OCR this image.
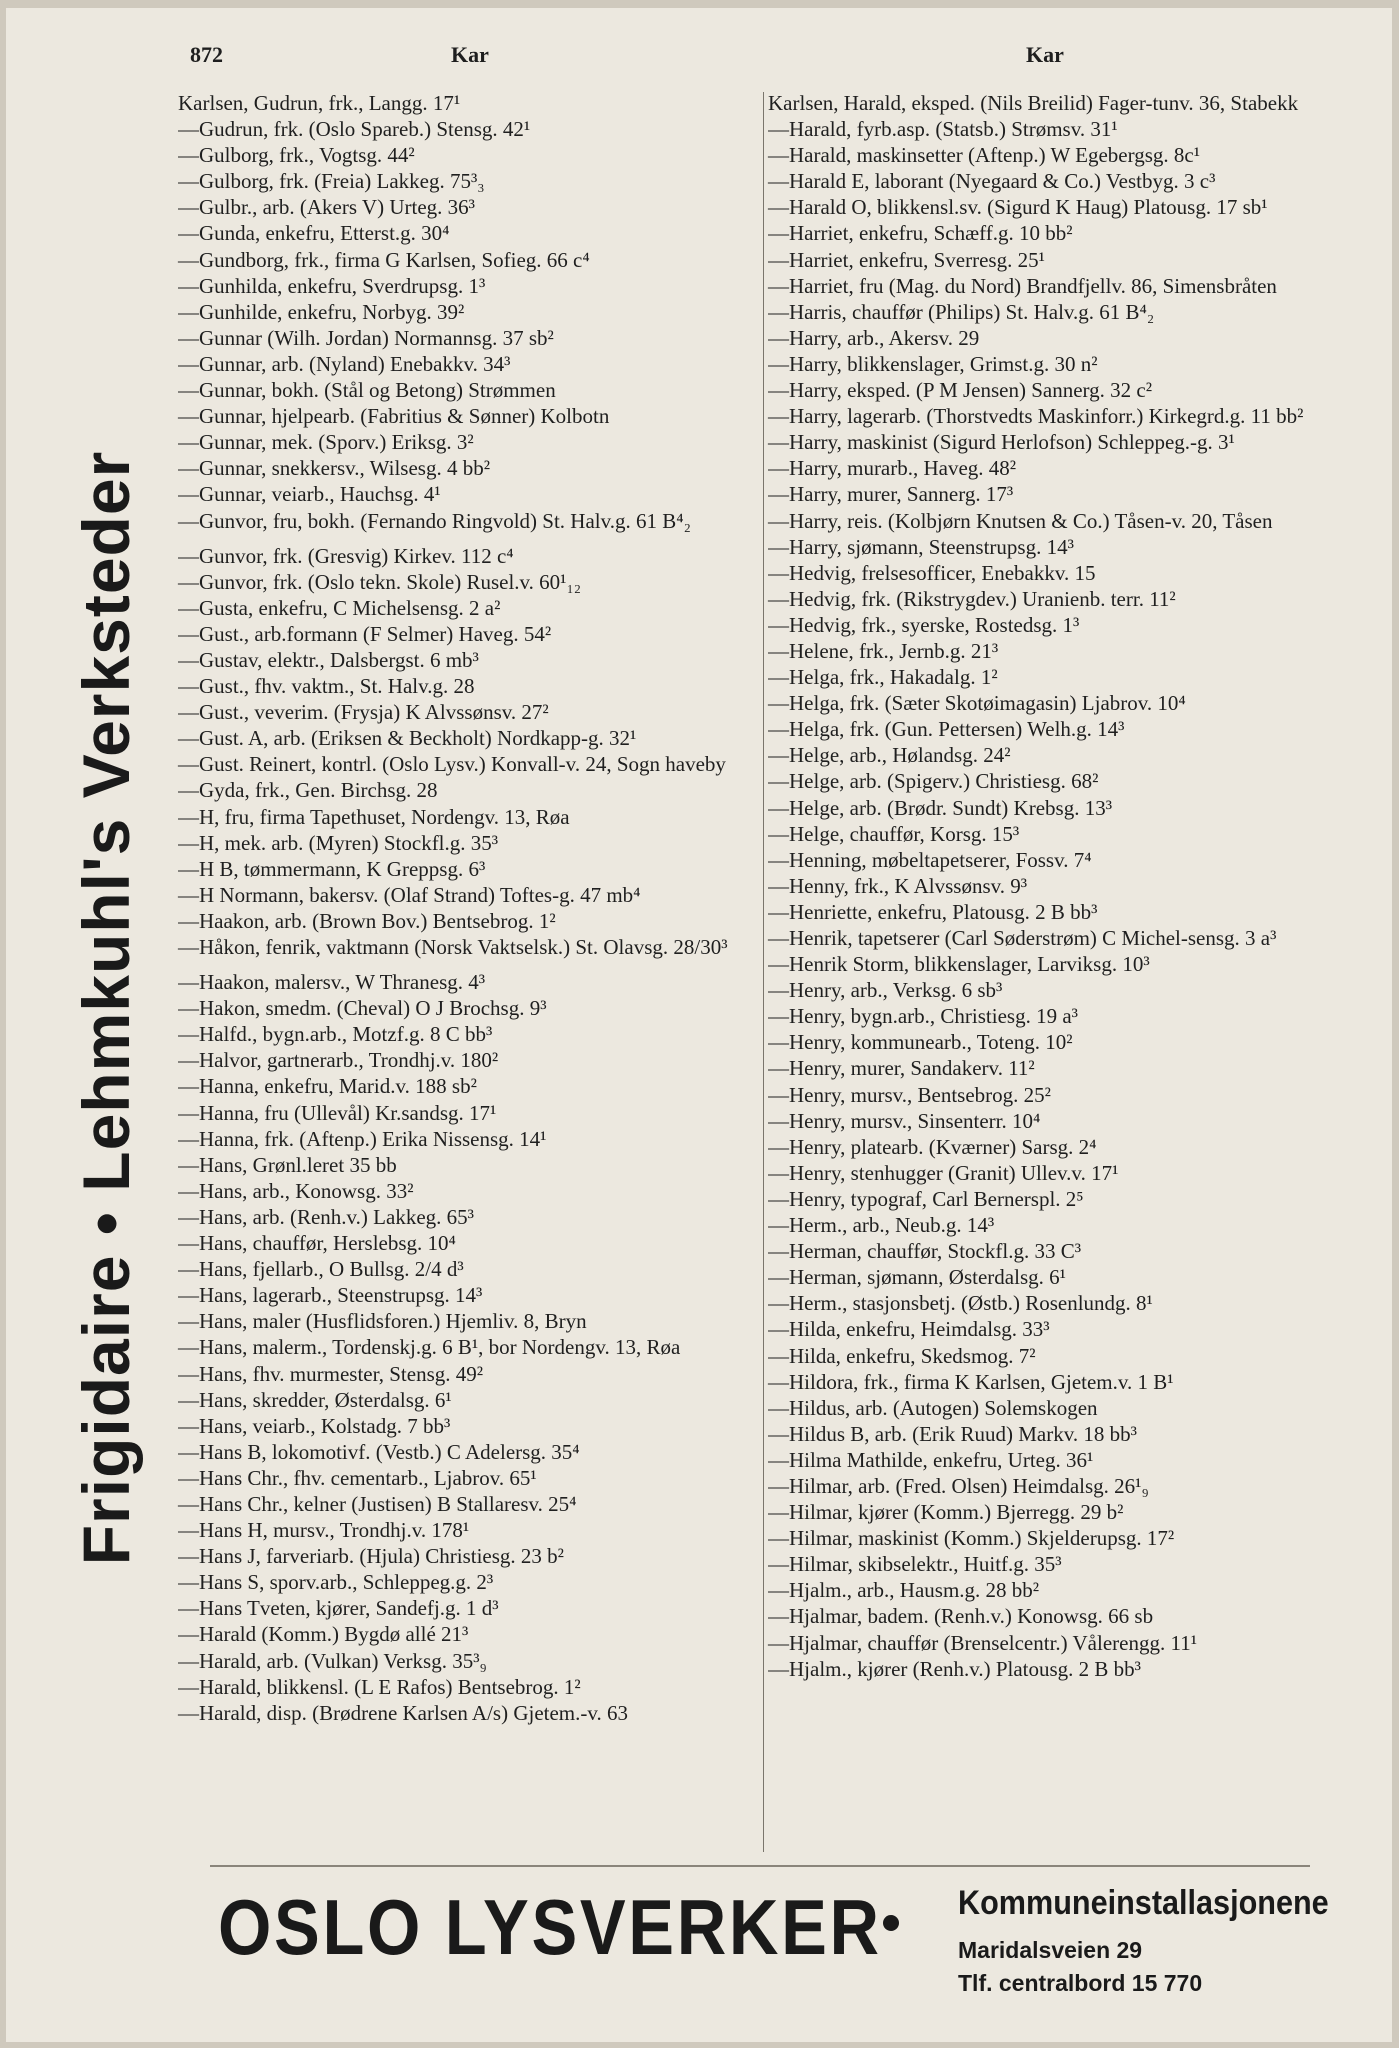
872	Kar	Kar
Frigidaire • Lehmkuhl's Verksteder
Karlsen, Gudrun, frk., Langg. 17¹
—Gudrun, frk. (Oslo Spareb.) Stensg. 42¹
—Gulborg, frk., Vogtsg. 44²
—Gulborg, frk. (Freia) Lakkeg. 75³₃
—Gulbr., arb. (Akers V) Urteg. 36³
—Gunda, enkefru, Etterst.g. 30⁴
—Gundborg, frk., firma G Karlsen, Sofieg. 66 c⁴
—Gunhilda, enkefru, Sverdrupsg. 1³
—Gunhilde, enkefru, Norbyg. 39²
—Gunnar (Wilh. Jordan) Normannsg. 37 sb²
—Gunnar, arb. (Nyland) Enebakkv. 34³
—Gunnar, bokh. (Stål og Betong) Strømmen
—Gunnar, hjelpearb. (Fabritius & Sønner) Kolbotn
—Gunnar, mek. (Sporv.) Eriksg. 3²
—Gunnar, snekkersv., Wilsesg. 4 bb²
—Gunnar, veiarb., Hauchsg. 4¹
—Gunvor, fru, bokh. (Fernando Ringvold) St. Halv.g. 61 B⁴₂
—Gunvor, frk. (Gresvig) Kirkev. 112 c⁴
—Gunvor, frk. (Oslo tekn. Skole) Rusel.v. 60¹₁₂
—Gusta, enkefru, C Michelsensg. 2 a²
—Gust., arb.formann (F Selmer) Haveg. 54²
—Gustav, elektr., Dalsbergst. 6 mb³
—Gust., fhv. vaktm., St. Halv.g. 28
—Gust., veverim. (Frysja) K Alvssønsv. 27²
—Gust. A, arb. (Eriksen & Beckholt) Nordkapp-g. 32¹
—Gust. Reinert, kontrl. (Oslo Lysv.) Konvall-v. 24, Sogn haveby
—Gyda, frk., Gen. Birchsg. 28
—H, fru, firma Tapethuset, Nordengv. 13, Røa
—H, mek. arb. (Myren) Stockfl.g. 35³
—H B, tømmermann, K Greppsg. 6³
—H Normann, bakersv. (Olaf Strand) Toftes-g. 47 mb⁴
—Haakon, arb. (Brown Bov.) Bentsebrog. 1²
—Håkon, fenrik, vaktmann (Norsk Vaktselsk.) St. Olavsg. 28/30³
—Haakon, malersv., W Thranesg. 4³
—Hakon, smedm. (Cheval) O J Brochsg. 9³
—Halfd., bygn.arb., Motzf.g. 8 C bb³
—Halvor, gartnerarb., Trondhj.v. 180²
—Hanna, enkefru, Marid.v. 188 sb²
—Hanna, fru (Ullevål) Kr.sandsg. 17¹
—Hanna, frk. (Aftenp.) Erika Nissensg. 14¹
—Hans, Grønl.leret 35 bb
—Hans, arb., Konowsg. 33²
—Hans, arb. (Renh.v.) Lakkeg. 65³
—Hans, chauffør, Herslebsg. 10⁴
—Hans, fjellarb., O Bullsg. 2/4 d³
—Hans, lagerarb., Steenstrupsg. 14³
—Hans, maler (Husflidsforen.) Hjemliv. 8, Bryn
—Hans, malerm., Tordenskj.g. 6 B¹, bor Nordengv. 13, Røa
—Hans, fhv. murmester, Stensg. 49²
—Hans, skredder, Østerdalsg. 6¹
—Hans, veiarb., Kolstadg. 7 bb³
—Hans B, lokomotivf. (Vestb.) C Adelersg. 35⁴
—Hans Chr., fhv. cementarb., Ljabrov. 65¹
—Hans Chr., kelner (Justisen) B Stallaresv. 25⁴
—Hans H, mursv., Trondhj.v. 178¹
—Hans J, farveriarb. (Hjula) Christiesg. 23 b²
—Hans S, sporv.arb., Schleppeg.g. 2³
—Hans Tveten, kjører, Sandefj.g. 1 d³
—Harald (Komm.) Bygdø allé 21³
—Harald, arb. (Vulkan) Verksg. 35³₉
—Harald, blikkensl. (L E Rafos) Bentsebrog. 1²
—Harald, disp. (Brødrene Karlsen A/s) Gjetem.-v. 63
Karlsen, Harald, eksped. (Nils Breilid) Fager-tunv. 36, Stabekk
—Harald, fyrb.asp. (Statsb.) Strømsv. 31¹
—Harald, maskinsetter (Aftenp.) W Egebergsg. 8c¹
—Harald E, laborant (Nyegaard & Co.) Vestbyg. 3 c³
—Harald O, blikkensl.sv. (Sigurd K Haug) Platousg. 17 sb¹
—Harriet, enkefru, Schæff.g. 10 bb²
—Harriet, enkefru, Sverresg. 25¹
—Harriet, fru (Mag. du Nord) Brandfjellv. 86, Simensbråten
—Harris, chauffør (Philips) St. Halv.g. 61 B⁴₂
—Harry, arb., Akersv. 29
—Harry, blikkenslager, Grimst.g. 30 n²
—Harry, eksped. (P M Jensen) Sannerg. 32 c²
—Harry, lagerarb. (Thorstvedts Maskinforr.) Kirkegrd.g. 11 bb²
—Harry, maskinist (Sigurd Herlofson) Schleppeg.-g. 3¹
—Harry, murarb., Haveg. 48²
—Harry, murer, Sannerg. 17³
—Harry, reis. (Kolbjørn Knutsen & Co.) Tåsen-v. 20, Tåsen
—Harry, sjømann, Steenstrupsg. 14³
—Hedvig, frelsesofficer, Enebakkv. 15
—Hedvig, frk. (Rikstrygdev.) Uranienb. terr. 11²
—Hedvig, frk., syerske, Rostedsg. 1³
—Helene, frk., Jernb.g. 21³
—Helga, frk., Hakadalg. 1²
—Helga, frk. (Sæter Skotøimagasin) Ljabrov. 10⁴
—Helga, frk. (Gun. Pettersen) Welh.g. 14³
—Helge, arb., Hølandsg. 24²
—Helge, arb. (Spigerv.) Christiesg. 68²
—Helge, arb. (Brødr. Sundt) Krebsg. 13³
—Helge, chauffør, Korsg. 15³
—Henning, møbeltapetserer, Fossv. 7⁴
—Henny, frk., K Alvssønsv. 9³
—Henriette, enkefru, Platousg. 2 B bb³
—Henrik, tapetserer (Carl Søderstrøm) C Michel-sensg. 3 a³
—Henrik Storm, blikkenslager, Larviksg. 10³
—Henry, arb., Verksg. 6 sb³
—Henry, bygn.arb., Christiesg. 19 a³
—Henry, kommunearb., Toteng. 10²
—Henry, murer, Sandakerv. 11²
—Henry, mursv., Bentsebrog. 25²
—Henry, mursv., Sinsenterr. 10⁴
—Henry, platearb. (Kværner) Sarsg. 2⁴
—Henry, stenhugger (Granit) Ullev.v. 17¹
—Henry, typograf, Carl Bernerspl. 2⁵
—Herm., arb., Neub.g. 14³
—Herman, chauffør, Stockfl.g. 33 C³
—Herman, sjømann, Østerdalsg. 6¹
—Herm., stasjonsbetj. (Østb.) Rosenlundg. 8¹
—Hilda, enkefru, Heimdalsg. 33³
—Hilda, enkefru, Skedsmog. 7²
—Hildora, frk., firma K Karlsen, Gjetem.v. 1 B¹
—Hildus, arb. (Autogen) Solemskogen
—Hildus B, arb. (Erik Ruud) Markv. 18 bb³
—Hilma Mathilde, enkefru, Urteg. 36¹
—Hilmar, arb. (Fred. Olsen) Heimdalsg. 26¹₉
—Hilmar, kjører (Komm.) Bjerregg. 29 b²
—Hilmar, maskinist (Komm.) Skjelderupsg. 17²
—Hilmar, skibselektr., Huitf.g. 35³
—Hjalm., arb., Hausm.g. 28 bb²
—Hjalmar, badem. (Renh.v.) Konowsg. 66 sb
—Hjalmar, chauffør (Brenselcentr.) Vålerengg. 11¹
—Hjalm., kjører (Renh.v.) Platousg. 2 B bb³
OSLO LYSVERKER Kommuneinstallasjonene
Maridalsveien 29
Tlf. centralbord 15 770
